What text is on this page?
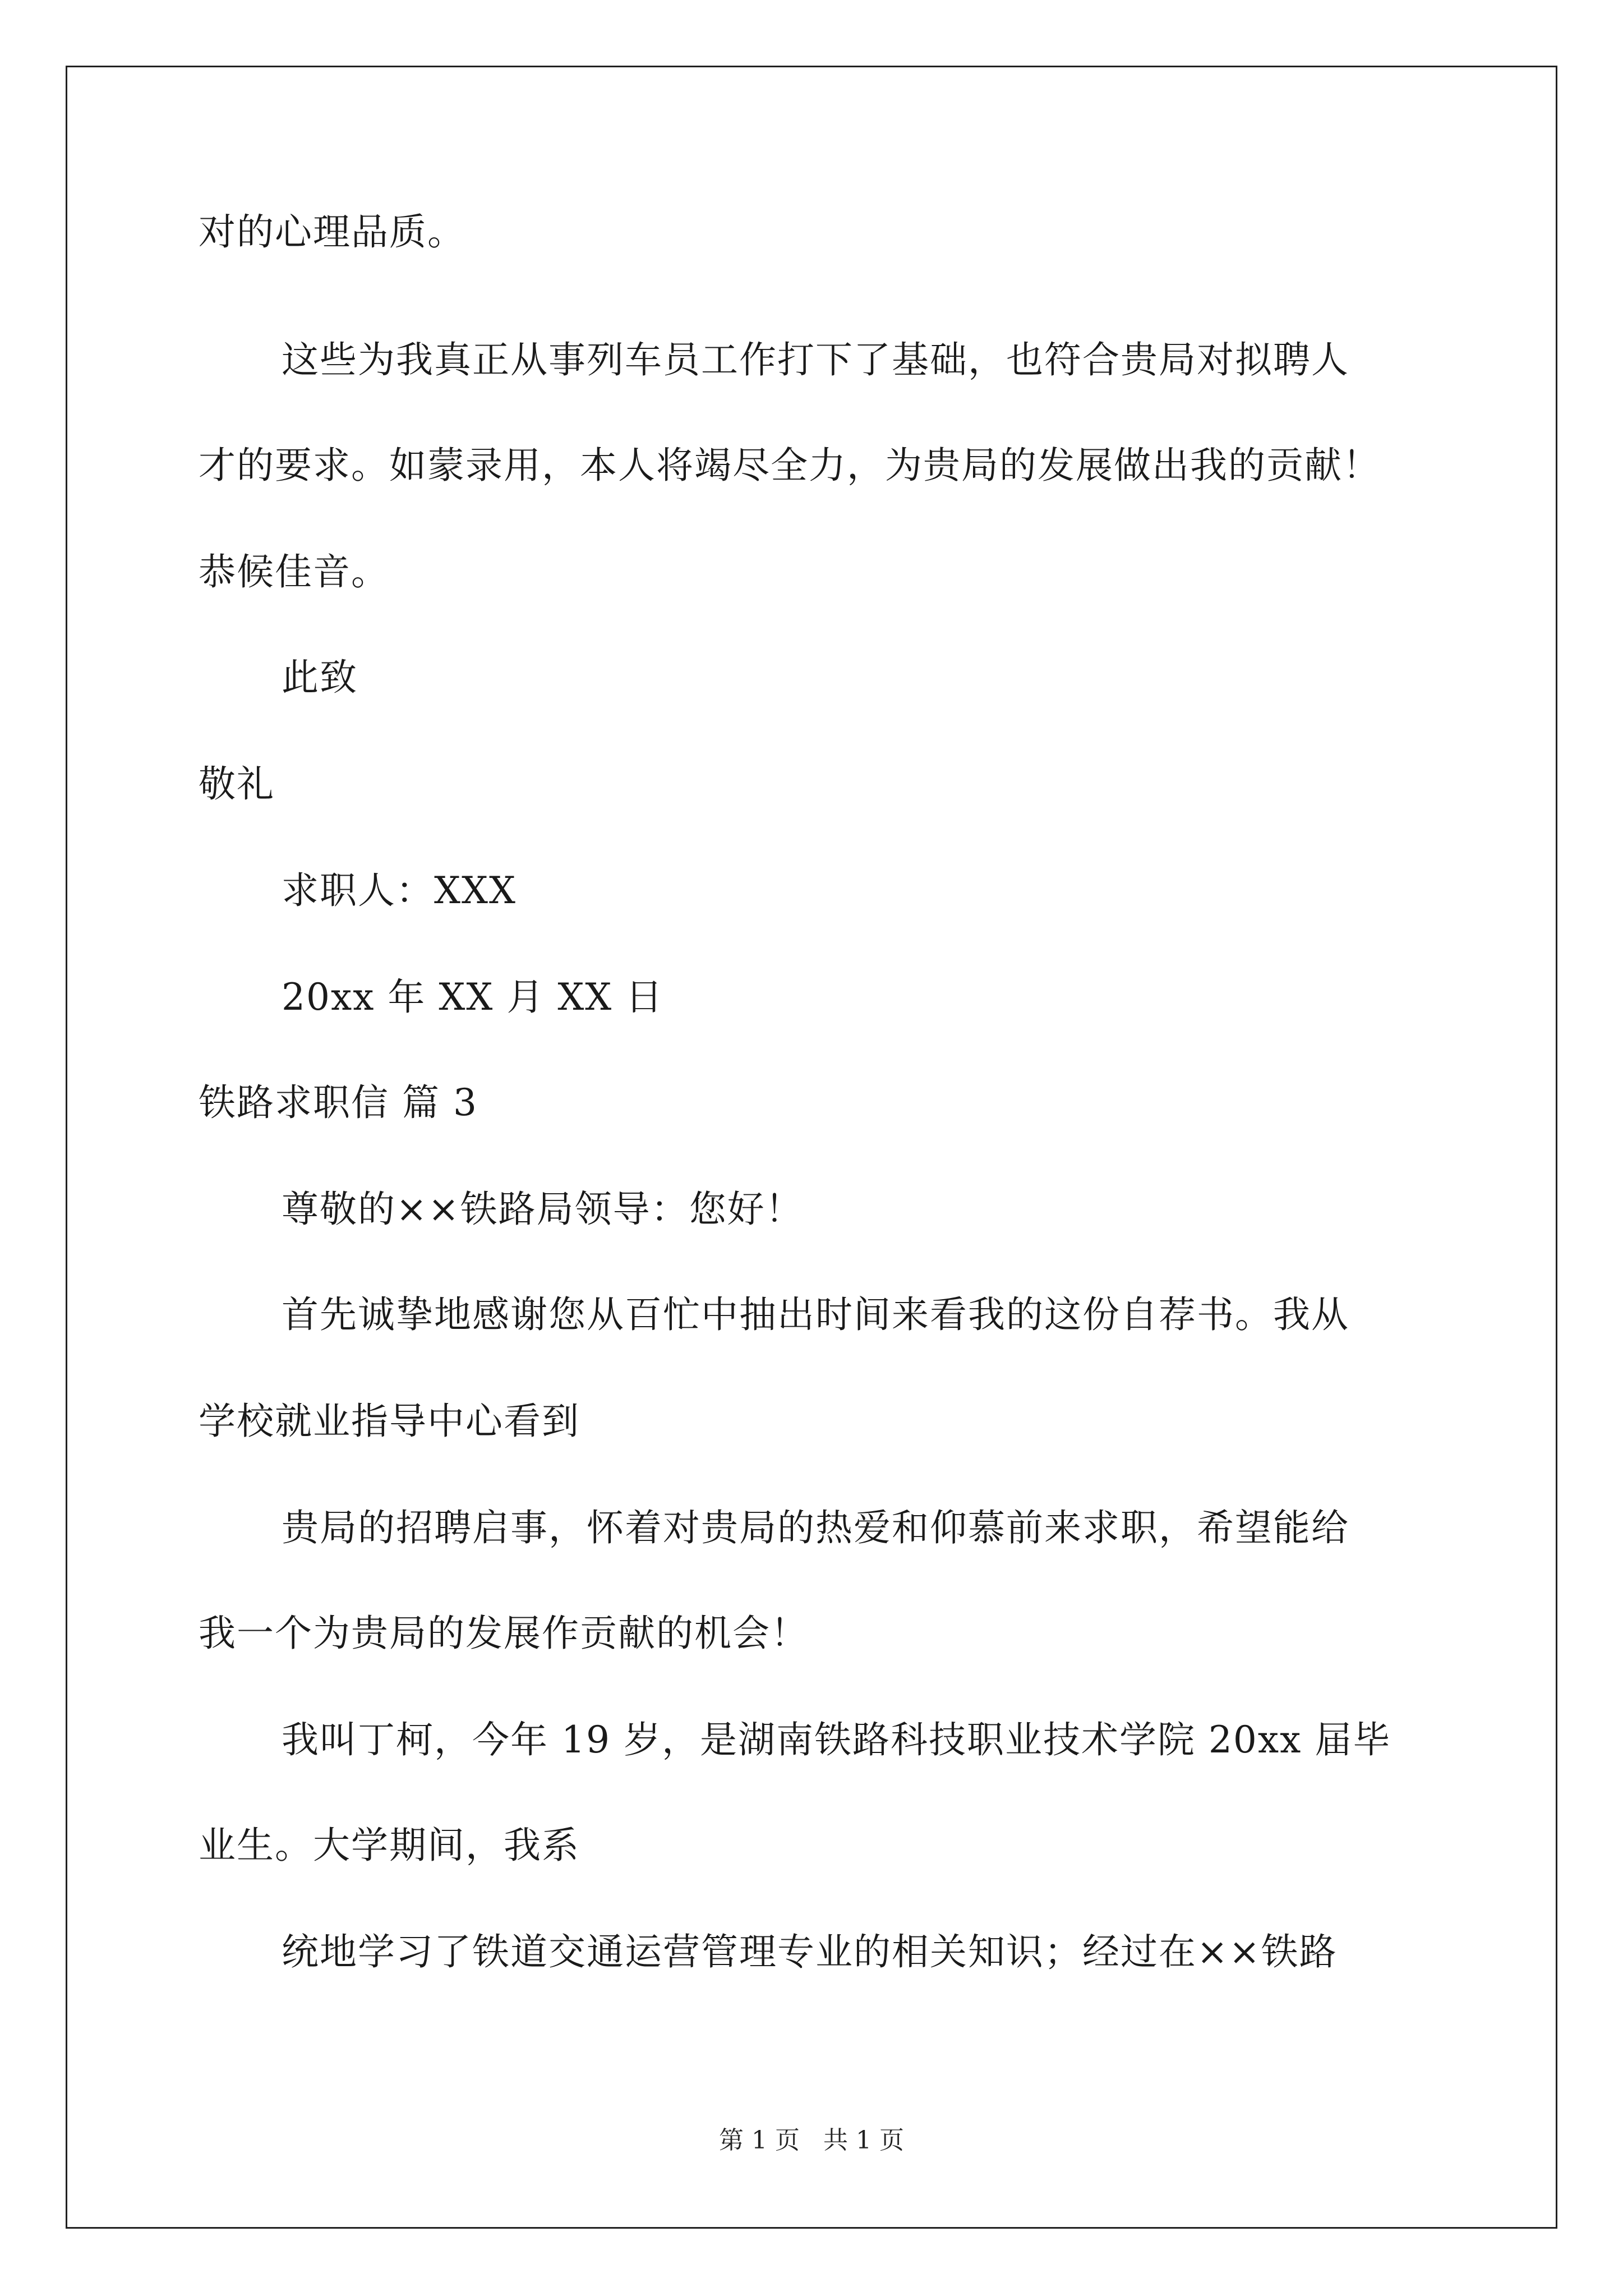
对的心理品质。
这些为我真正从事列车员工作打下了基础，也符合贵局对拟聘人
才的要求。如蒙录用，本人将竭尽全力，为贵局的发展做出我的贡献！
恭候佳音。
此致
敬礼
求职人：XXX
20xx 年 XX 月 XX 日
铁路求职信 篇 3
尊敬的××铁路局领导：您好！
首先诚挚地感谢您从百忙中抽出时间来看我的这份自荐书。我从
学校就业指导中心看到
贵局的招聘启事，怀着对贵局的热爱和仰慕前来求职，希望能给
我一个为贵局的发展作贡献的机会！
我叫丁柯，今年 19 岁，是湖南铁路科技职业技术学院 20xx 届毕
业生。大学期间，我系
统地学习了铁道交通运营管理专业的相关知识；经过在××铁路
第 1 页   共 1 页
